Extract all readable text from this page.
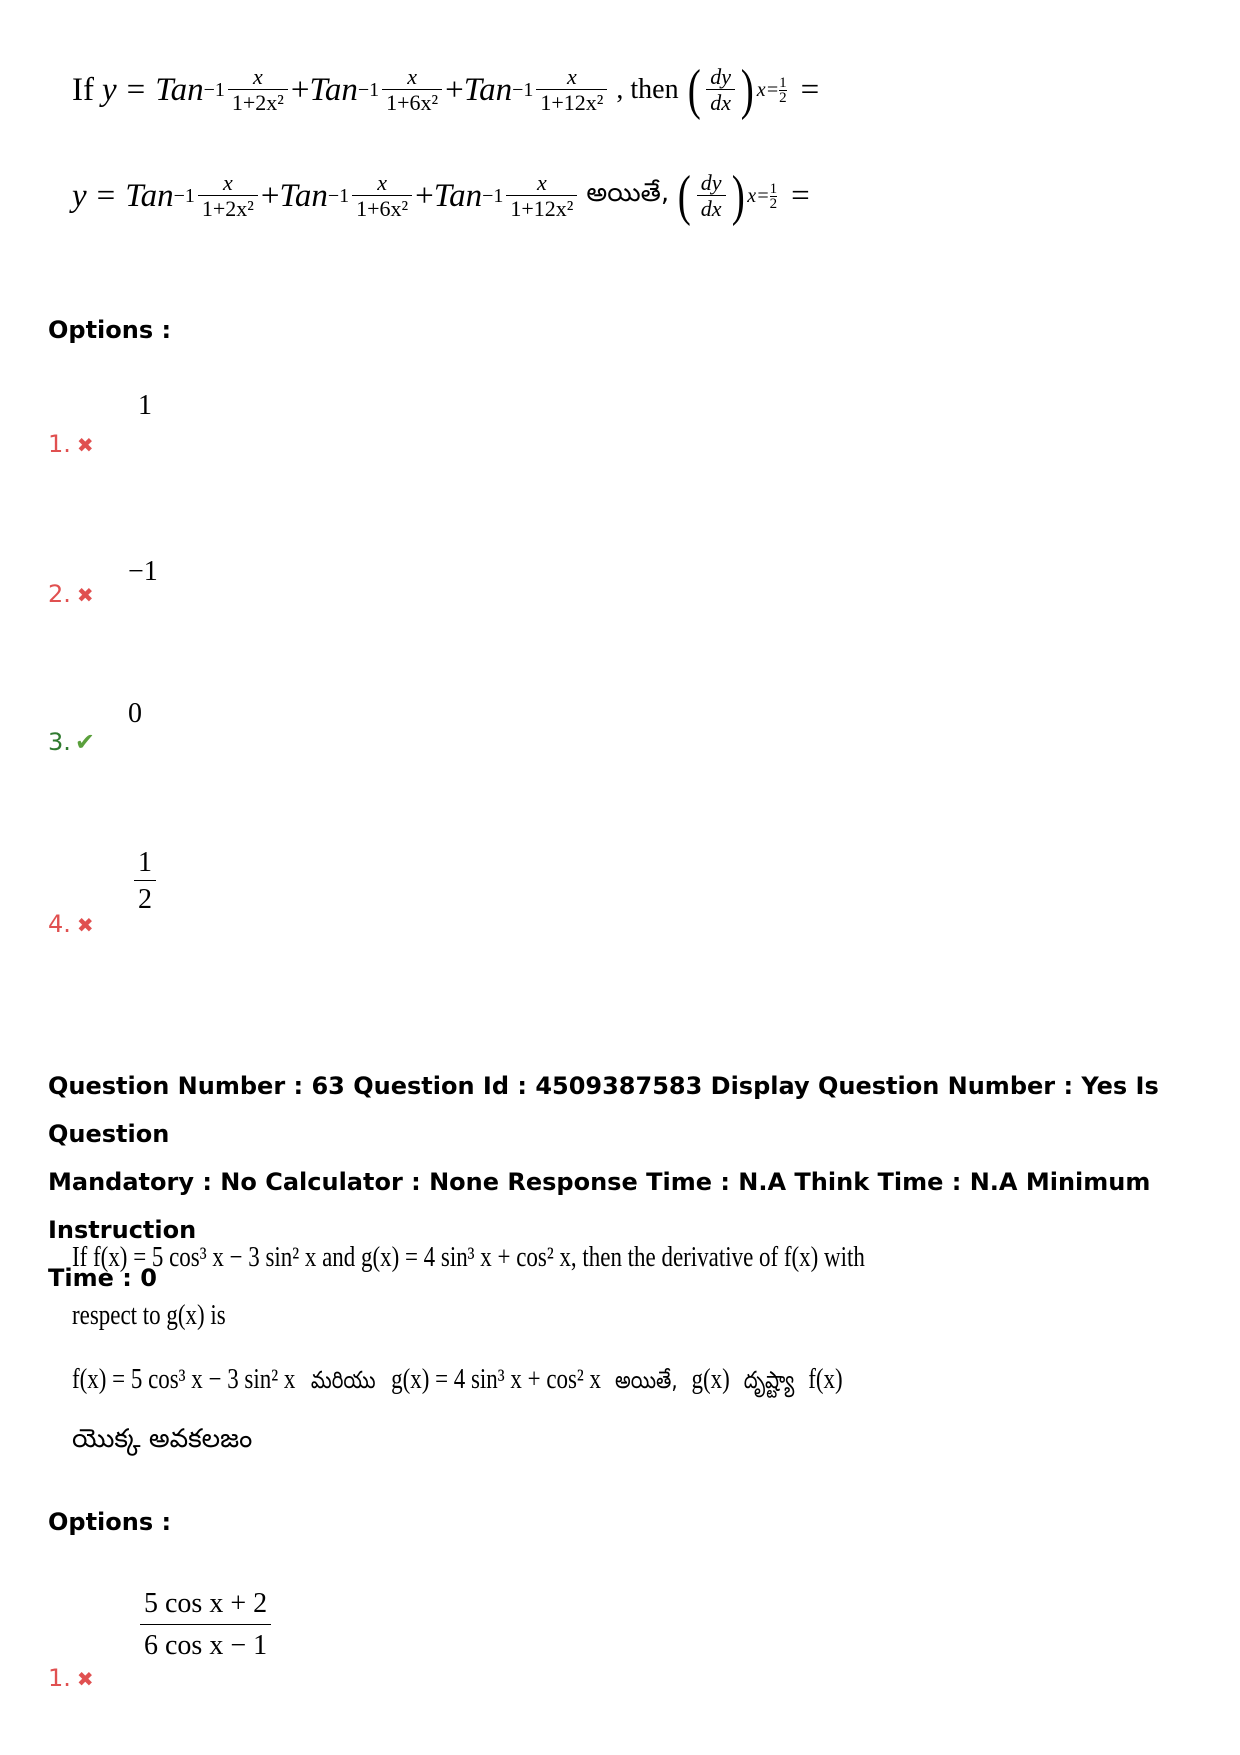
If y = Tan $-1 \frac{x}{\text{1+2x²}}$ + Tan $-1 \frac{x}{\text{1+6x²}}$ + Tan $-1 \frac{x}{\text{1+12x²}}$ , then ( $\frac{dy}{dx}$ ) $x= \frac{1}{2}$ =
y = Tan $-1 \frac{x}{\text{1+2x²}}$ + Tan $-1 \frac{x}{\text{1+6x²}}$ + Tan $-1 \frac{x}{\text{1+12x²}}$ అయితే, ( $\frac{dy}{dx}$ ) $x= \frac{1}{2}$ =
Options :
1
1. ✖
−1
2. ✖
0
3. ✔
$\frac{1}{2}$
4. ✖
Question Number : 63 Question Id : 4509387583 Display Question Number : Yes Is Question
Mandatory : No Calculator : None Response Time : N.A Think Time : N.A Minimum Instruction
Time : 0
If f(x) = 5 cos³ x − 3 sin² x and g(x) = 4 sin³ x + cos² x, then the derivative of f(x) with
respect to g(x) is
f(x) = 5 cos³ x − 3 sin² x మరియు g(x) = 4 sin³ x + cos² x అయితే, g(x) దృష్ట్యా f(x)
యొక్క అవకలజం
Options :
$\frac{\text{5 cos x + 2}}{\text{6 cos x − 1}}$
1. ✖
